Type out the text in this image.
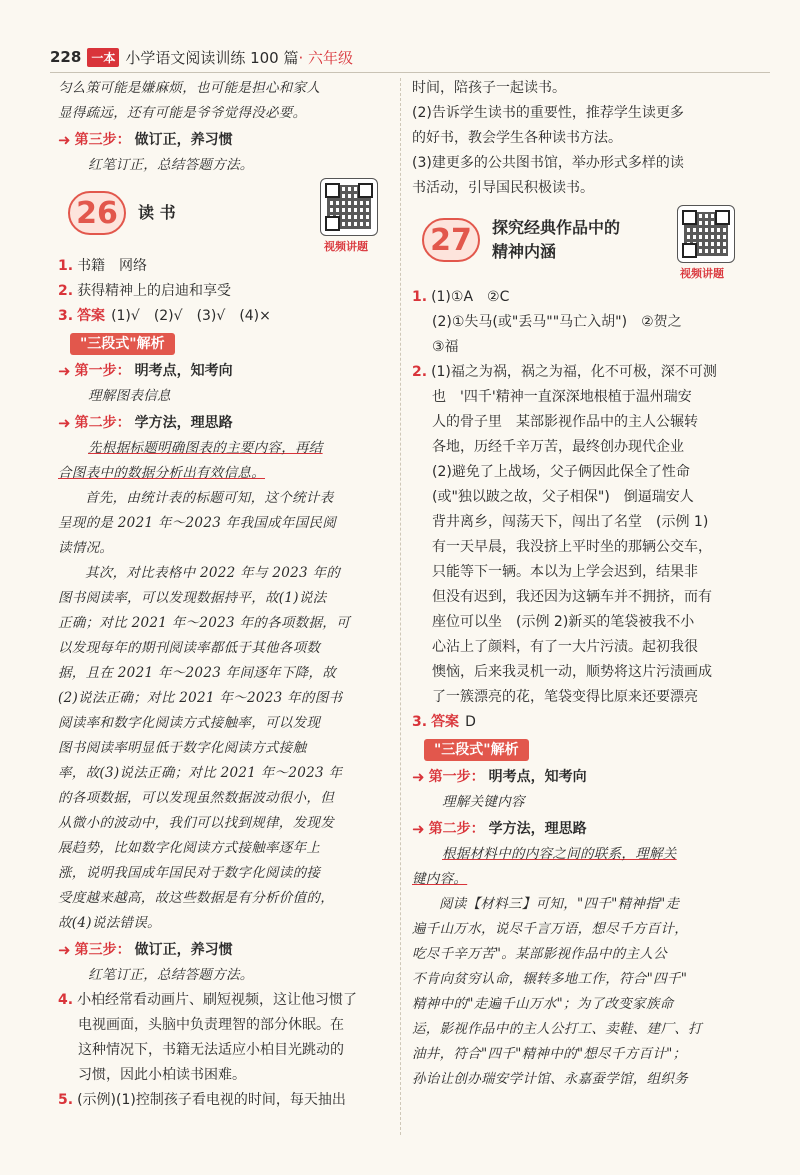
228 一本 小学语文阅读训练 100 篇 · 六年级

匀么策可能是嫌麻烦，也可能是担心和家人

显得疏远，还有可能是爷爷觉得没必要。

➜ 第三步： 做订正，养习惯

红笔订正，总结答题方法。

26	读 书
视频讲题

1. 书籍　网络

2. 获得精神上的启迪和享受

3. 答案 (1)√　(2)√　(3)√　(4)×

"三段式"解析
➜ 第一步： 明考点，知考向

理解图表信息

➜ 第二步： 学方法，理思路

先根据标题明确图表的主要内容，再结

合图表中的数据分析出有效信息。

首先，由统计表的标题可知，这个统计表

呈现的是 2021 年～2023 年我国成年国民阅

读情况。

其次，对比表格中 2022 年与 2023 年的

图书阅读率，可以发现数据持平，故(1)说法

正确；对比 2021 年～2023 年的各项数据，可

以发现每年的期刊阅读率都低于其他各项数

据，且在 2021 年～2023 年间逐年下降，故

(2)说法正确；对比 2021 年～2023 年的图书

阅读率和数字化阅读方式接触率，可以发现

图书阅读率明显低于数字化阅读方式接触

率，故(3)说法正确；对比 2021 年～2023 年

的各项数据，可以发现虽然数据波动很小，但

从微小的波动中，我们可以找到规律，发现发

展趋势，比如数字化阅读方式接触率逐年上

涨，说明我国成年国民对于数字化阅读的接

受度越来越高，故这些数据是有分析价值的，

故(4)说法错误。

➜ 第三步： 做订正，养习惯

红笔订正，总结答题方法。

4. 小柏经常看动画片、刷短视频，这让他习惯了

电视画面，头脑中负责理智的部分休眠。在

这种情况下，书籍无法适应小柏目光跳动的

习惯，因此小柏读书困难。

5. (示例)(1)控制孩子看电视的时间，每天抽出

时间，陪孩子一起读书。

(2)告诉学生读书的重要性，推荐学生读更多

的好书，教会学生各种读书方法。

(3)建更多的公共图书馆，举办形式多样的读

书活动，引导国民积极读书。

27	探究经典作品中的
精神内涵
视频讲题

1. (1)①A　②C

(2)①失马(或"丢马""马亡入胡")　②贺之

③福

2. (1)福之为祸，祸之为福，化不可极，深不可测

也　'四千'精神一直深深地根植于温州瑞安

人的骨子里　某部影视作品中的主人公辗转

各地，历经千辛万苦，最终创办现代企业

(2)避免了上战场，父子俩因此保全了性命

(或"独以跛之故，父子相保")　倒逼瑞安人

背井离乡，闯荡天下，闯出了名堂　(示例 1)

有一天早晨，我没挤上平时坐的那辆公交车，

只能等下一辆。本以为上学会迟到，结果非

但没有迟到，我还因为这辆车并不拥挤，而有

座位可以坐　(示例 2)新买的笔袋被我不小

心沾上了颜料，有了一大片污渍。起初我很

懊恼，后来我灵机一动，顺势将这片污渍画成

了一簇漂亮的花，笔袋变得比原来还要漂亮

3. 答案 D

"三段式"解析
➜ 第一步： 明考点，知考向

理解关键内容

➜ 第二步： 学方法，理思路

根据材料中的内容之间的联系，理解关

键内容。

阅读【材料三】可知，"四千"精神指"走

遍千山万水，说尽千言万语，想尽千方百计，

吃尽千辛万苦"。某部影视作品中的主人公

不肯向贫穷认命，辗转多地工作，符合"四千"

精神中的"走遍千山万水"；为了改变家族命

运，影视作品中的主人公打工、卖鞋、建厂、打

油井，符合"四千"精神中的"想尽千方百计"；

孙诒让创办瑞安学计馆、永嘉蚕学馆，组织务
